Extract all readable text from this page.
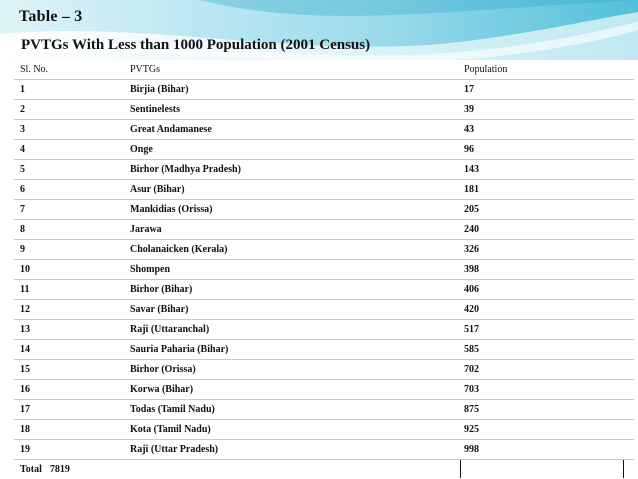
Table – 3
PVTGs With Less than 1000 Population (2001 Census)
Sl. No.	PVTGs	Population
1	Birjia (Bihar)	17
2	Sentinelests	39
3	Great Andamanese	43
4	Onge	96
5	Birhor (Madhya Pradesh)	143
6	Asur (Bihar)	181
7	Mankidias (Orissa)	205
8	Jarawa	240
9	Cholanaicken (Kerala)	326
10	Shompen	398
11	Birhor (Bihar)	406
12	Savar (Bihar)	420
13	Raji (Uttaranchal)	517
14	Sauria Paharia (Bihar)	585
15	Birhor (Orissa)	702
16	Korwa (Bihar)	703
17	Todas (Tamil Nadu)	875
18	Kota (Tamil Nadu)	925
19	Raji (Uttar Pradesh)	998
Total 7819		
